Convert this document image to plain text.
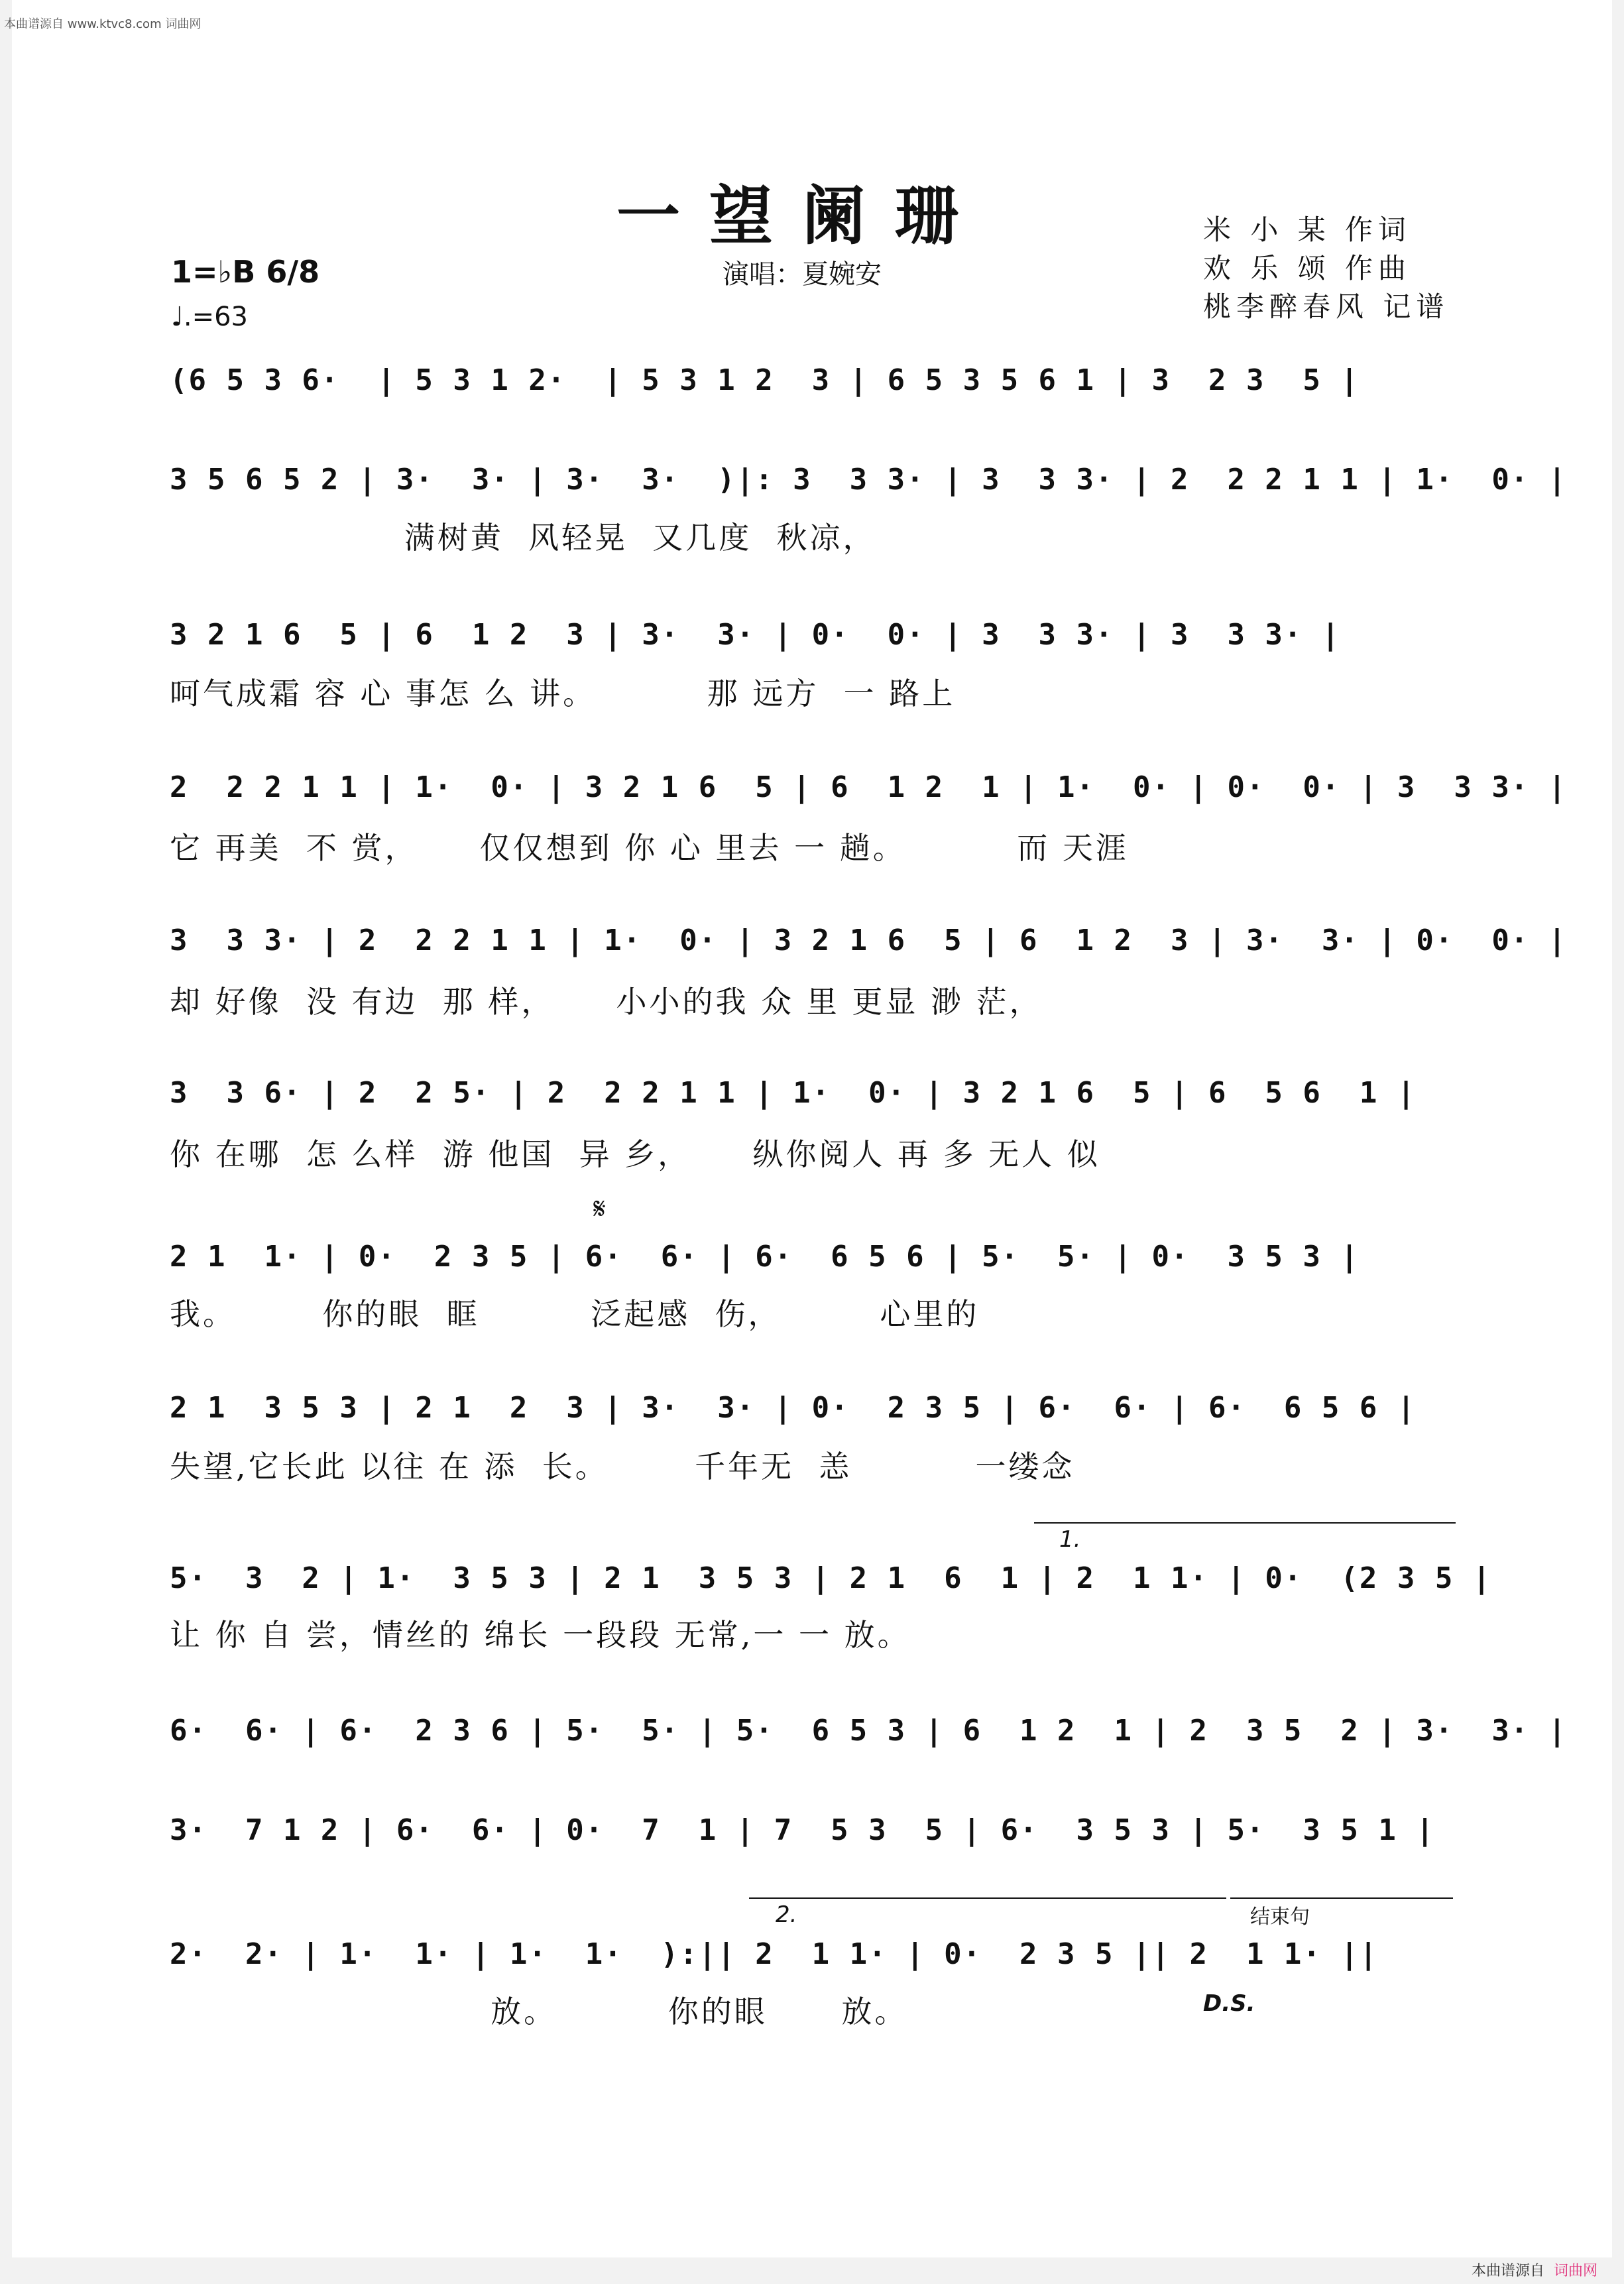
本曲谱源自 www.ktvc8.com 词曲网
本曲谱源自 词曲网
一望阑珊
演唱：夏婉安
米 小 某 作词
欢 乐 颂 作曲
桃李醉春风 记谱
1=♭B 6/8
♩.=63
(6 5 3 6·  | 5 3 1 2·  | 5 3 1 2  3 | 6 5 3 5 6 1 | 3  2 3  5 |
3 5 6 5 2 | 3·  3· | 3·  3·  )|: 3  3 3· | 3  3 3· | 2  2 2 1 1 | 1·  0· |
满树黄  风轻晃  又几度  秋凉，
3 2 1 6  5 | 6  1 2  3 | 3·  3· | 0·  0· | 3  3 3· | 3  3 3· |
呵气成霜 容 心 事怎 么 讲。         那 远方  一 路上
2  2 2 1 1 | 1·  0· | 3 2 1 6  5 | 6  1 2  1 | 1·  0· | 0·  0· | 3  3 3· |
它 再美  不 赏，     仅仅想到 你 心 里去 一 趟。         而 天涯
3  3 3· | 2  2 2 1 1 | 1·  0· | 3 2 1 6  5 | 6  1 2  3 | 3·  3· | 0·  0· |
却 好像  没 有边  那 样，     小小的我 众 里 更显 渺 茫，
3  3 6· | 2  2 5· | 2  2 2 1 1 | 1·  0· | 3 2 1 6  5 | 6  5 6  1 |
你 在哪  怎 么样  游 他国  异 乡，     纵你阅人 再 多 无人 似
𝄋
2 1  1· | 0·  2 3 5 | 6·  6· | 6·  6 5 6 | 5·  5· | 0·  3 5 3 |
我。       你的眼  眶         泛起感  伤，        心里的
2 1  3 5 3 | 2 1  2  3 | 3·  3· | 0·  2 3 5 | 6·  6· | 6·  6 5 6 |
失望,它长此 以往 在 添  长。       千年无  恙          一缕念
1.
5·  3  2 | 1·  3 5 3 | 2 1  3 5 3 | 2 1  6  1 | 2  1 1· | 0·  (2 3 5 |
让 你 自 尝，情丝的 绵长 一段段 无常,一 一 放。
6·  6· | 6·  2 3 6 | 5·  5· | 5·  6 5 3 | 6  1 2  1 | 2  3 5  2 | 3·  3· |
3·  7 1 2 | 6·  6· | 0·  7  1 | 7  5 3  5 | 6·  3 5 3 | 5·  3 5 1 |
2.	结束句
2·  2· | 1·  1· | 1·  1·  ):|| 2  1 1· | 0·  2 3 5 || 2  1 1· ||
放。         你的眼      放。	D.S.
